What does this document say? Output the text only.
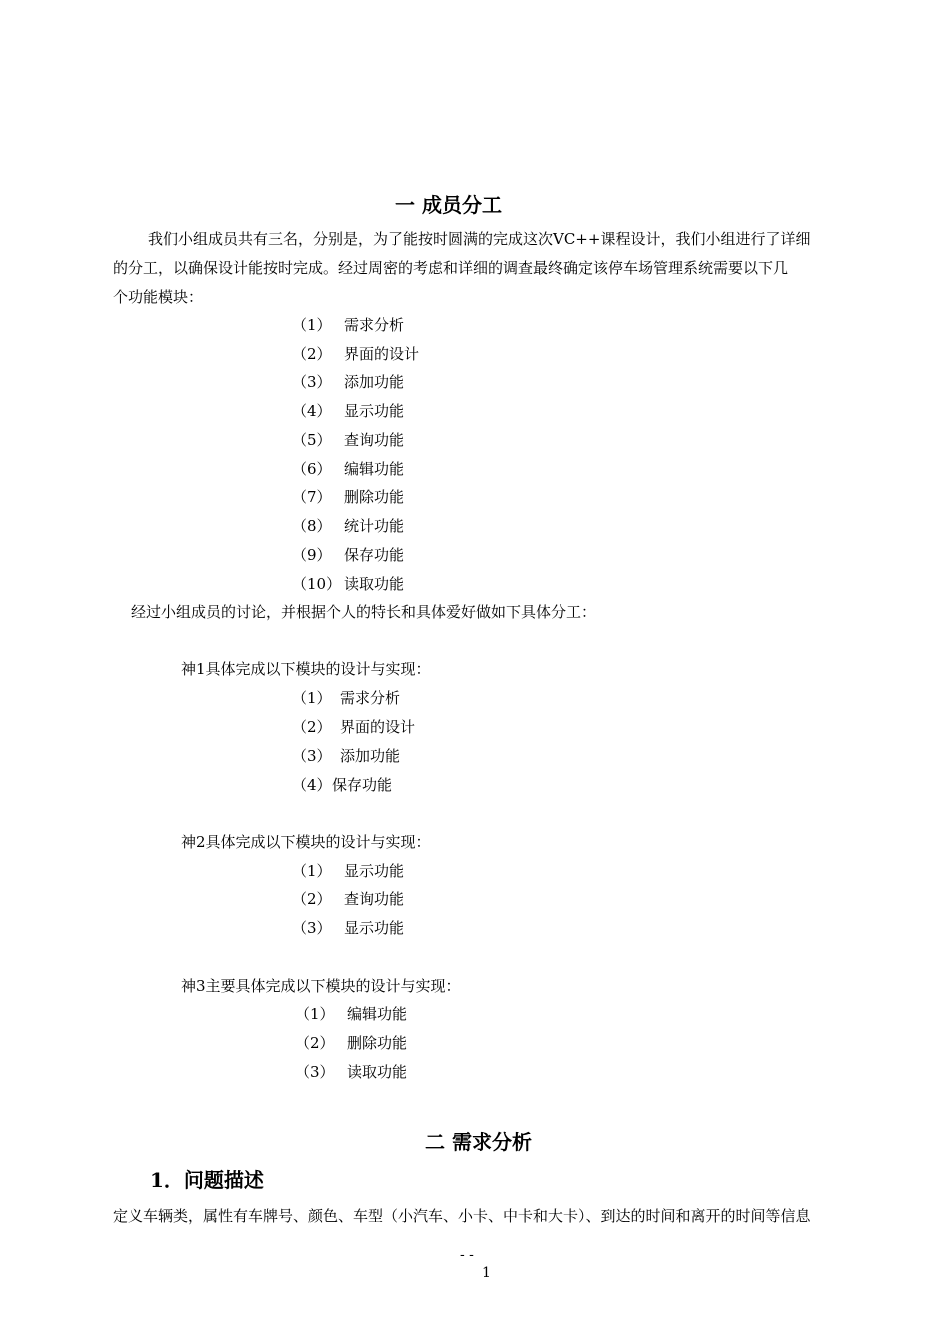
一 成员分工
我们小组成员共有三名，分别是，为了能按时圆满的完成这次VC++课程设计，我们小组进行了详细
的分工，以确保设计能按时完成。经过周密的考虑和详细的调查最终确定该停车场管理系统需要以下几
个功能模块：
（1） 需求分析
（2） 界面的设计
（3） 添加功能
（4） 显示功能
（5） 查询功能
（6） 编辑功能
（7） 删除功能
（8） 统计功能
（9） 保存功能
（10） 读取功能
经过小组成员的讨论，并根据个人的特长和具体爱好做如下具体分工：
神1具体完成以下模块的设计与实现：
（1） 需求分析
（2） 界面的设计
（3） 添加功能
（4） 保存功能
神2具体完成以下模块的设计与实现：
（1） 显示功能
（2） 查询功能
（3） 显示功能
神3主要具体完成以下模块的设计与实现：
（1） 编辑功能
（2） 删除功能
（3） 读取功能
二 需求分析
1．问题描述
定义车辆类，属性有车牌号、颜色、车型（小汽车、小卡、中卡和大卡）、到达的时间和离开的时间等信息
- -
1
